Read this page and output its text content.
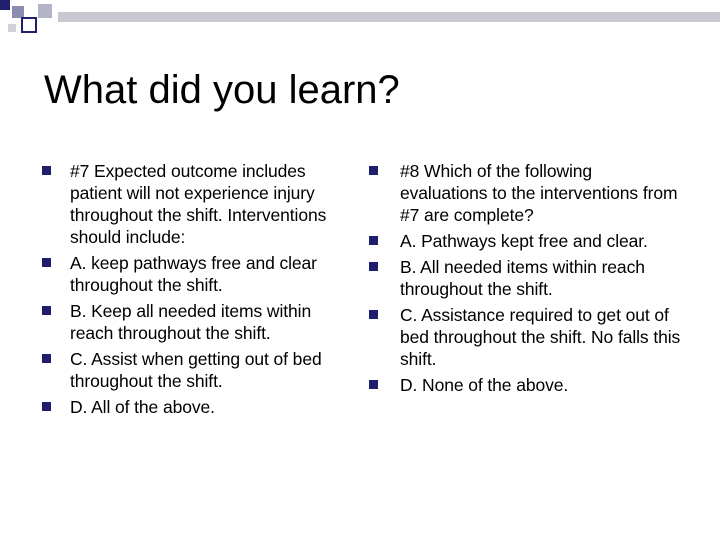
What did you learn?
#7 Expected outcome includes patient will not experience injury throughout the shift. Interventions should include:
A. keep pathways free and clear throughout the shift.
B. Keep all needed items within reach throughout the shift.
C. Assist when getting out of bed throughout the shift.
D. All of the above.
#8 Which of the following evaluations to the interventions from #7 are complete?
A. Pathways kept free and clear.
B. All needed items within reach throughout the shift.
C. Assistance required to get out of bed throughout the shift. No falls this shift.
D. None of the above.
